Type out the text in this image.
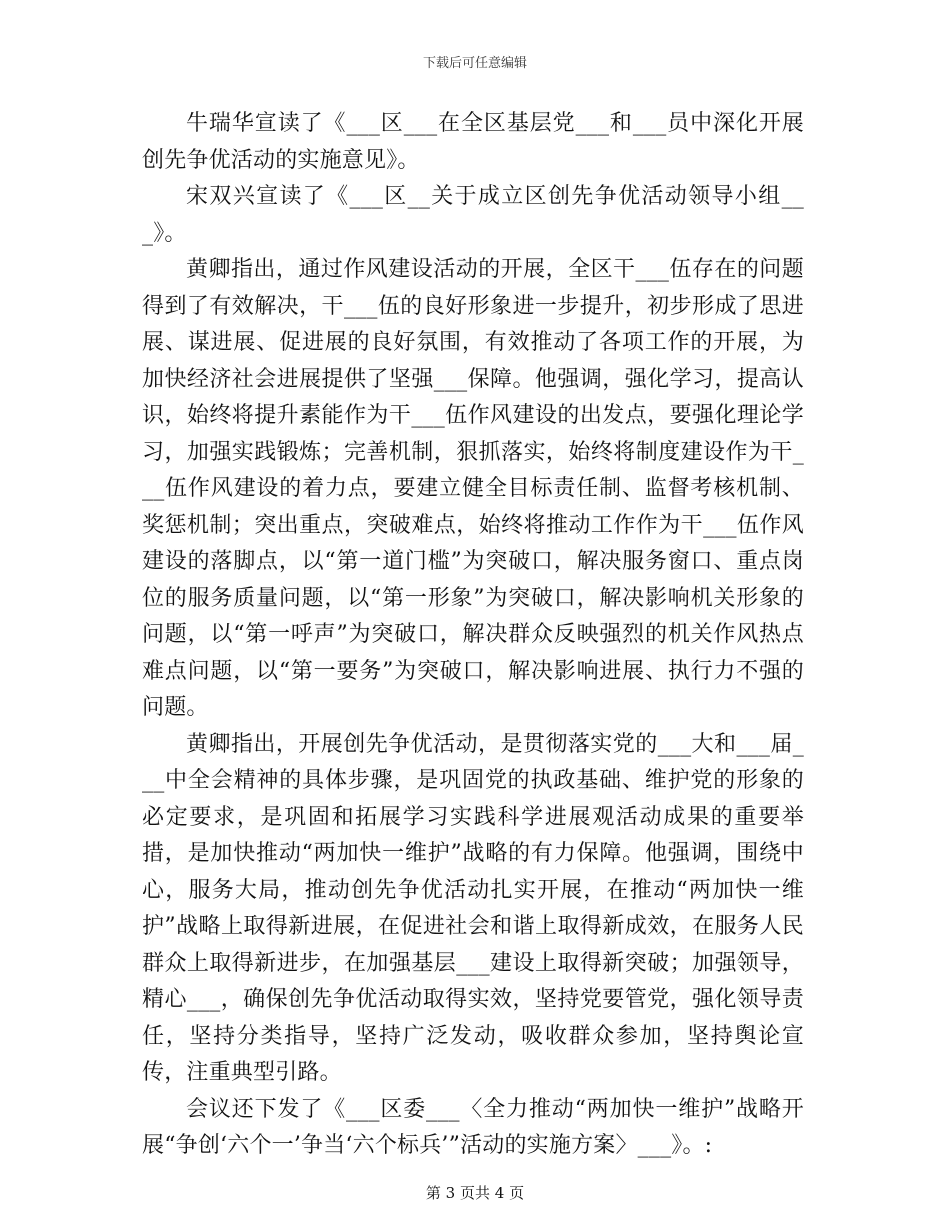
下载后可任意编辑

牛瑞华宣读了《___区___在全区基层党___和___员中深化开展创先争优活动的实施意见》。

宋双兴宣读了《___区__关于成立区创先争优活动领导小组___》。

黄卿指出，通过作风建设活动的开展，全区干___伍存在的问题得到了有效解决，干___伍的良好形象进一步提升，初步形成了思进展、谋进展、促进展的良好氛围，有效推动了各项工作的开展，为加快经济社会进展提供了坚强___保障。他强调，强化学习，提高认识，始终将提升素能作为干___伍作风建设的出发点，要强化理论学习，加强实践锻炼；完善机制，狠抓落实，始终将制度建设作为干___伍作风建设的着力点，要建立健全目标责任制、监督考核机制、奖惩机制；突出重点，突破难点，始终将推动工作作为干___伍作风建设的落脚点，以“第一道门槛”为突破口，解决服务窗口、重点岗位的服务质量问题，以“第一形象”为突破口，解决影响机关形象的问题，以“第一呼声”为突破口，解决群众反映强烈的机关作风热点难点问题，以“第一要务”为突破口，解决影响进展、执行力不强的问题。

黄卿指出，开展创先争优活动，是贯彻落实党的___大和___届___中全会精神的具体步骤，是巩固党的执政基础、维护党的形象的必定要求，是巩固和拓展学习实践科学进展观活动成果的重要举措，是加快推动“两加快一维护”战略的有力保障。他强调，围绕中心，服务大局，推动创先争优活动扎实开展，在推动“两加快一维护”战略上取得新进展，在促进社会和谐上取得新成效，在服务人民群众上取得新进步，在加强基层___建设上取得新突破；加强领导，精心___，确保创先争优活动取得实效，坚持党要管党，强化领导责任，坚持分类指导，坚持广泛发动，吸收群众参加，坚持舆论宣传，注重典型引路。

会议还下发了《___区委___〈全力推动“两加快一维护”战略开展“争创‘六个一’争当‘六个标兵’”活动的实施方案〉___》。:

第 3 页共 4 页
